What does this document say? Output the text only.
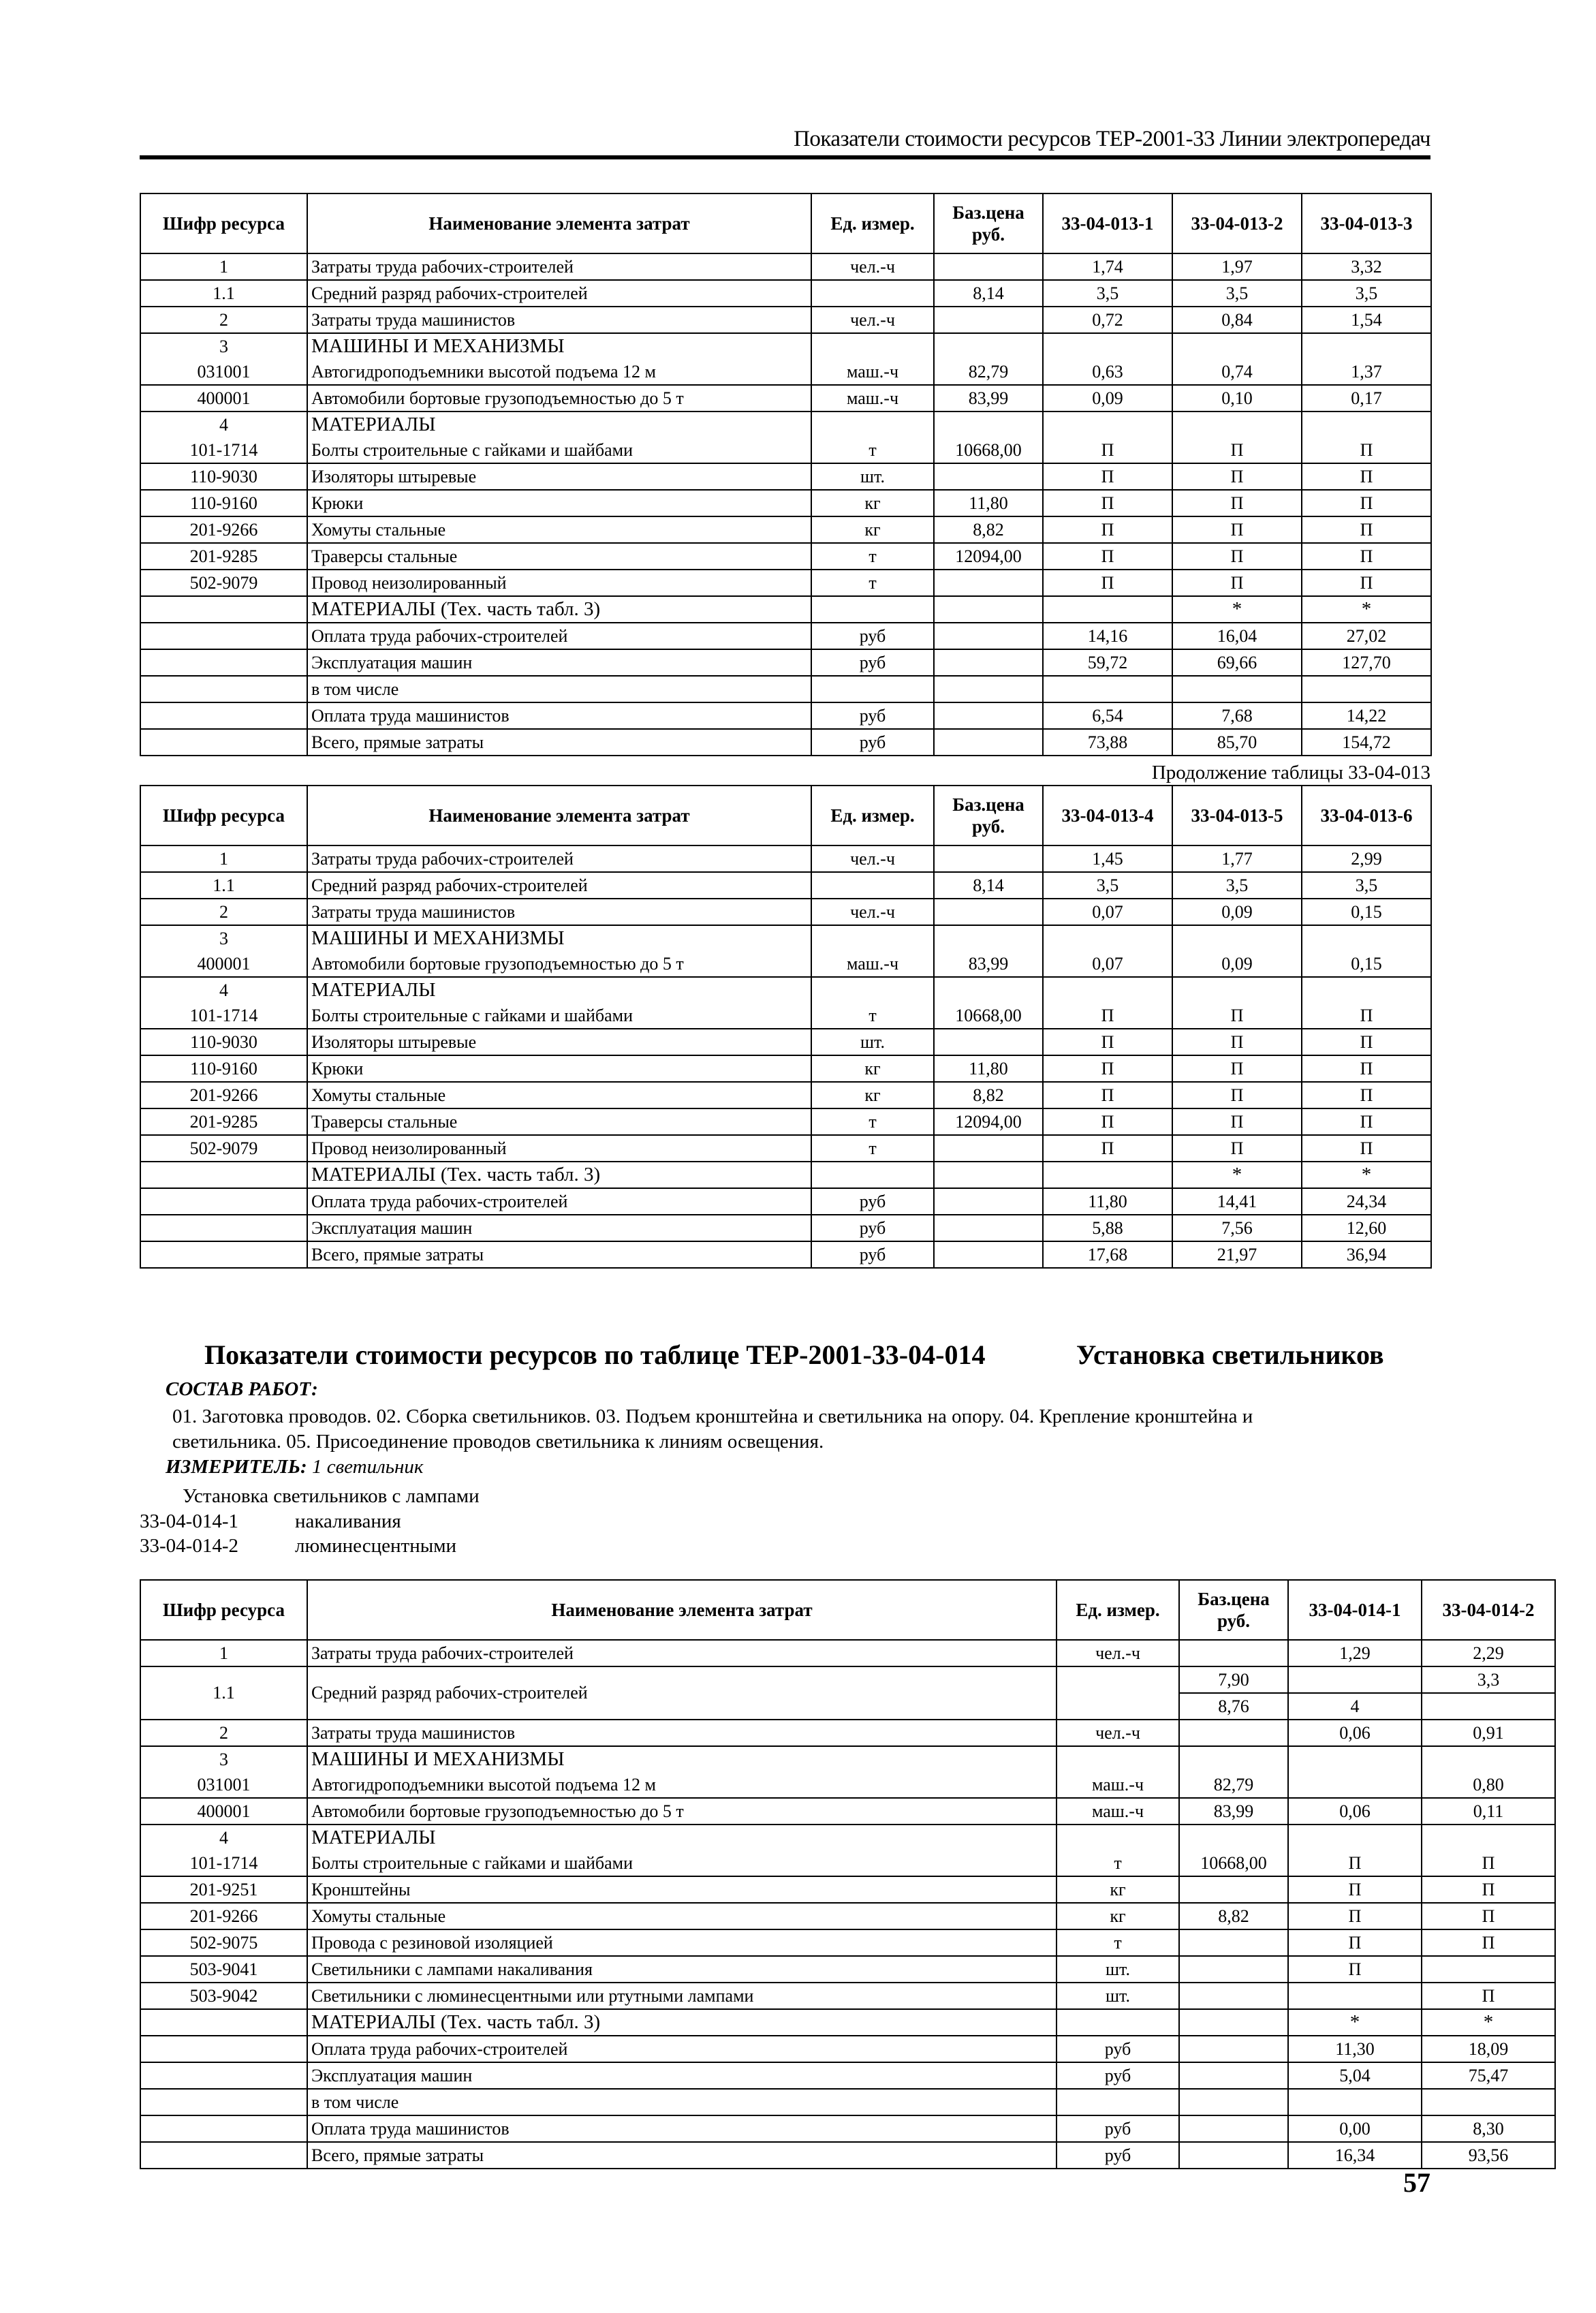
Показатели стоимости ресурсов ТЕР-2001-33 Линии электропередач
Шифр ресурса	Наименование элемента затрат	Ед. измер.	Баз.цена руб.	33-04-013-1	33-04-013-2	33-04-013-3
1	Затраты труда рабочих-строителей	чел.-ч		1,74	1,97	3,32
1.1	Средний разряд рабочих-строителей		8,14	3,5	3,5	3,5
2	Затраты труда машинистов	чел.-ч		0,72	0,84	1,54
3	МАШИНЫ И МЕХАНИЗМЫ					
031001	Автогидроподъемники высотой подъема 12 м	маш.-ч	82,79	0,63	0,74	1,37
400001	Автомобили бортовые грузоподъемностью до 5 т	маш.-ч	83,99	0,09	0,10	0,17
4	МАТЕРИАЛЫ					
101-1714	Болты строительные с гайками и шайбами	т	10668,00	П	П	П
110-9030	Изоляторы штыревые	шт.		П	П	П
110-9160	Крюки	кг	11,80	П	П	П
201-9266	Хомуты стальные	кг	8,82	П	П	П
201-9285	Траверсы стальные	т	12094,00	П	П	П
502-9079	Провод неизолированный	т		П	П	П
	МАТЕРИАЛЫ (Тех. часть табл. 3)				*	*
	Оплата труда рабочих-строителей	руб		14,16	16,04	27,02
	Эксплуатация машин	руб		59,72	69,66	127,70
	в том числе					
	Оплата труда машинистов	руб		6,54	7,68	14,22
	Всего, прямые затраты	руб		73,88	85,70	154,72
Продолжение таблицы 33-04-013
Шифр ресурса	Наименование элемента затрат	Ед. измер.	Баз.цена руб.	33-04-013-4	33-04-013-5	33-04-013-6
1	Затраты труда рабочих-строителей	чел.-ч		1,45	1,77	2,99
1.1	Средний разряд рабочих-строителей		8,14	3,5	3,5	3,5
2	Затраты труда машинистов	чел.-ч		0,07	0,09	0,15
3	МАШИНЫ И МЕХАНИЗМЫ					
400001	Автомобили бортовые грузоподъемностью до 5 т	маш.-ч	83,99	0,07	0,09	0,15
4	МАТЕРИАЛЫ					
101-1714	Болты строительные с гайками и шайбами	т	10668,00	П	П	П
110-9030	Изоляторы штыревые	шт.		П	П	П
110-9160	Крюки	кг	11,80	П	П	П
201-9266	Хомуты стальные	кг	8,82	П	П	П
201-9285	Траверсы стальные	т	12094,00	П	П	П
502-9079	Провод неизолированный	т		П	П	П
	МАТЕРИАЛЫ (Тех. часть табл. 3)				*	*
	Оплата труда рабочих-строителей	руб		11,80	14,41	24,34
	Эксплуатация машин	руб		5,88	7,56	12,60
	Всего, прямые затраты	руб		17,68	21,97	36,94
Показатели стоимости ресурсов по таблице ТЕР-2001-33-04-014	Установка светильников
СОСТАВ РАБОТ:
01. Заготовка проводов. 02. Сборка светильников. 03. Подъем кронштейна и светильника на опору. 04. Крепление кронштейна и
светильника. 05. Присоединение проводов светильника к линиям освещения.
ИЗМЕРИТЕЛЬ: 1 светильник
Установка светильников с лампами
33-04-014-1	накаливания
33-04-014-2	люминесцентными
Шифр ресурса	Наименование элемента затрат	Ед. измер.	Баз.цена руб.	33-04-014-1	33-04-014-2
1	Затраты труда рабочих-строителей	чел.-ч		1,29	2,29
1.1	Средний разряд рабочих-строителей		7,90		3,3
			8,76	4	
2	Затраты труда машинистов	чел.-ч		0,06	0,91
3	МАШИНЫ И МЕХАНИЗМЫ				
031001	Автогидроподъемники высотой подъема 12 м	маш.-ч	82,79		0,80
400001	Автомобили бортовые грузоподъемностью до 5 т	маш.-ч	83,99	0,06	0,11
4	МАТЕРИАЛЫ				
101-1714	Болты строительные с гайками и шайбами	т	10668,00	П	П
201-9251	Кронштейны	кг		П	П
201-9266	Хомуты стальные	кг	8,82	П	П
502-9075	Провода с резиновой изоляцией	т		П	П
503-9041	Светильники с лампами накаливания	шт.		П	
503-9042	Светильники с люминесцентными или ртутными лампами	шт.			П
	МАТЕРИАЛЫ (Тех. часть табл. 3)			*	*
	Оплата труда рабочих-строителей	руб		11,30	18,09
	Эксплуатация машин	руб		5,04	75,47
	в том числе				
	Оплата труда машинистов	руб		0,00	8,30
	Всего, прямые затраты	руб		16,34	93,56
57
